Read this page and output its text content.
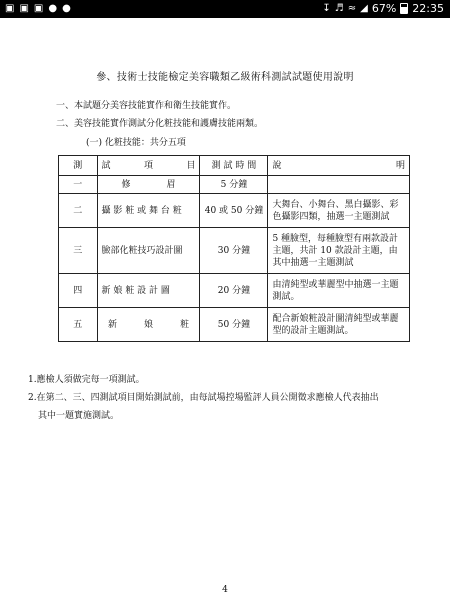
▣ ▣ ▣ ● ●	↧ ♬ ≈ ◢ 67% 22:35
參、技術士技能檢定美容職類乙級術科測試試題使用說明
一、本試題分美容技能實作和衛生技能實作。
二、美容技能實作測試分化粧技能和護膚技能兩類。
(一) 化粧技能：共分五項
測	試 項 目	測 試 時 間	說 明

一	修　　　　眉	5 分鐘	
二	攝 影 粧 或 舞 台 粧	40 或 50 分鐘	大舞台、小舞台、黑白攝影、彩色攝影四類，抽選一主題測試
三	臉部化粧技巧設計圖	30 分鐘	5 種臉型，每種臉型有兩款設計主題，共計 10 款設計主題，由其中抽選一主題測試
四	新 娘 粧 設 計 圖	20 分鐘	由清純型或華麗型中抽選一主題測試。
五	新　　　娘　　　粧	50 分鐘	配合新娘粧設計圖清純型或華麗型的設計主題測試。
1.應檢人須做完每一項測試。
2.在第二、三、四測試項目開始測試前，由每試場控場監評人員公開徵求應檢人代表抽出
其中一題實施測試。
4
